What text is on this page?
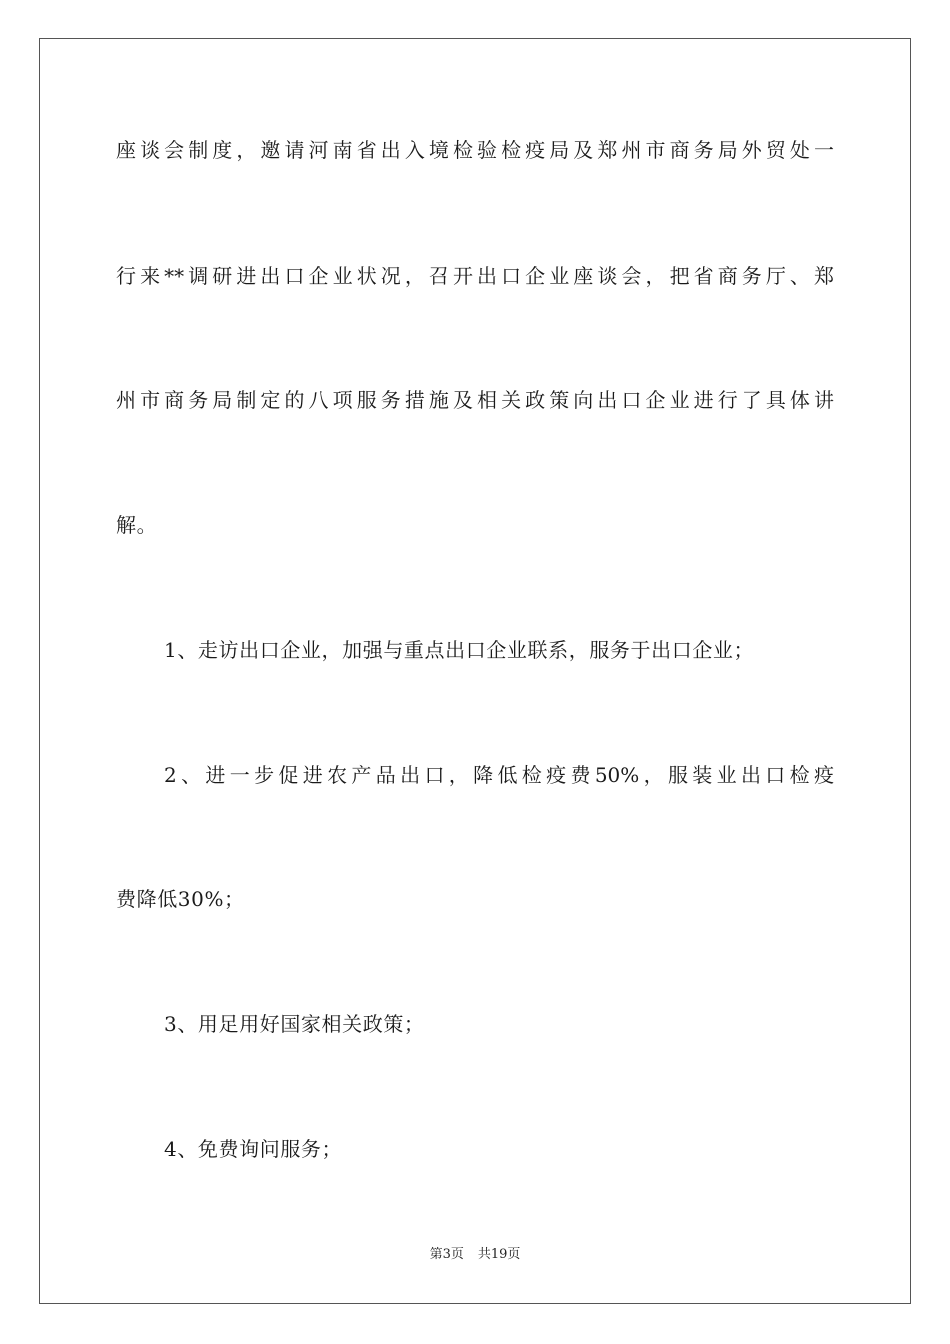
座谈会制度，邀请河南省出入境检验检疫局及郑州市商务局外贸处一
行来**调研进出口企业状况，召开出口企业座谈会，把省商务厅、郑
州市商务局制定的八项服务措施及相关政策向出口企业进行了具体讲
解。
1、走访出口企业，加强与重点出口企业联系，服务于出口企业；
2、进一步促进农产品出口，降低检疫费50%，服装业出口检疫
费降低30%；
3、用足用好国家相关政策；
4、免费询问服务；
第3页 共19页
